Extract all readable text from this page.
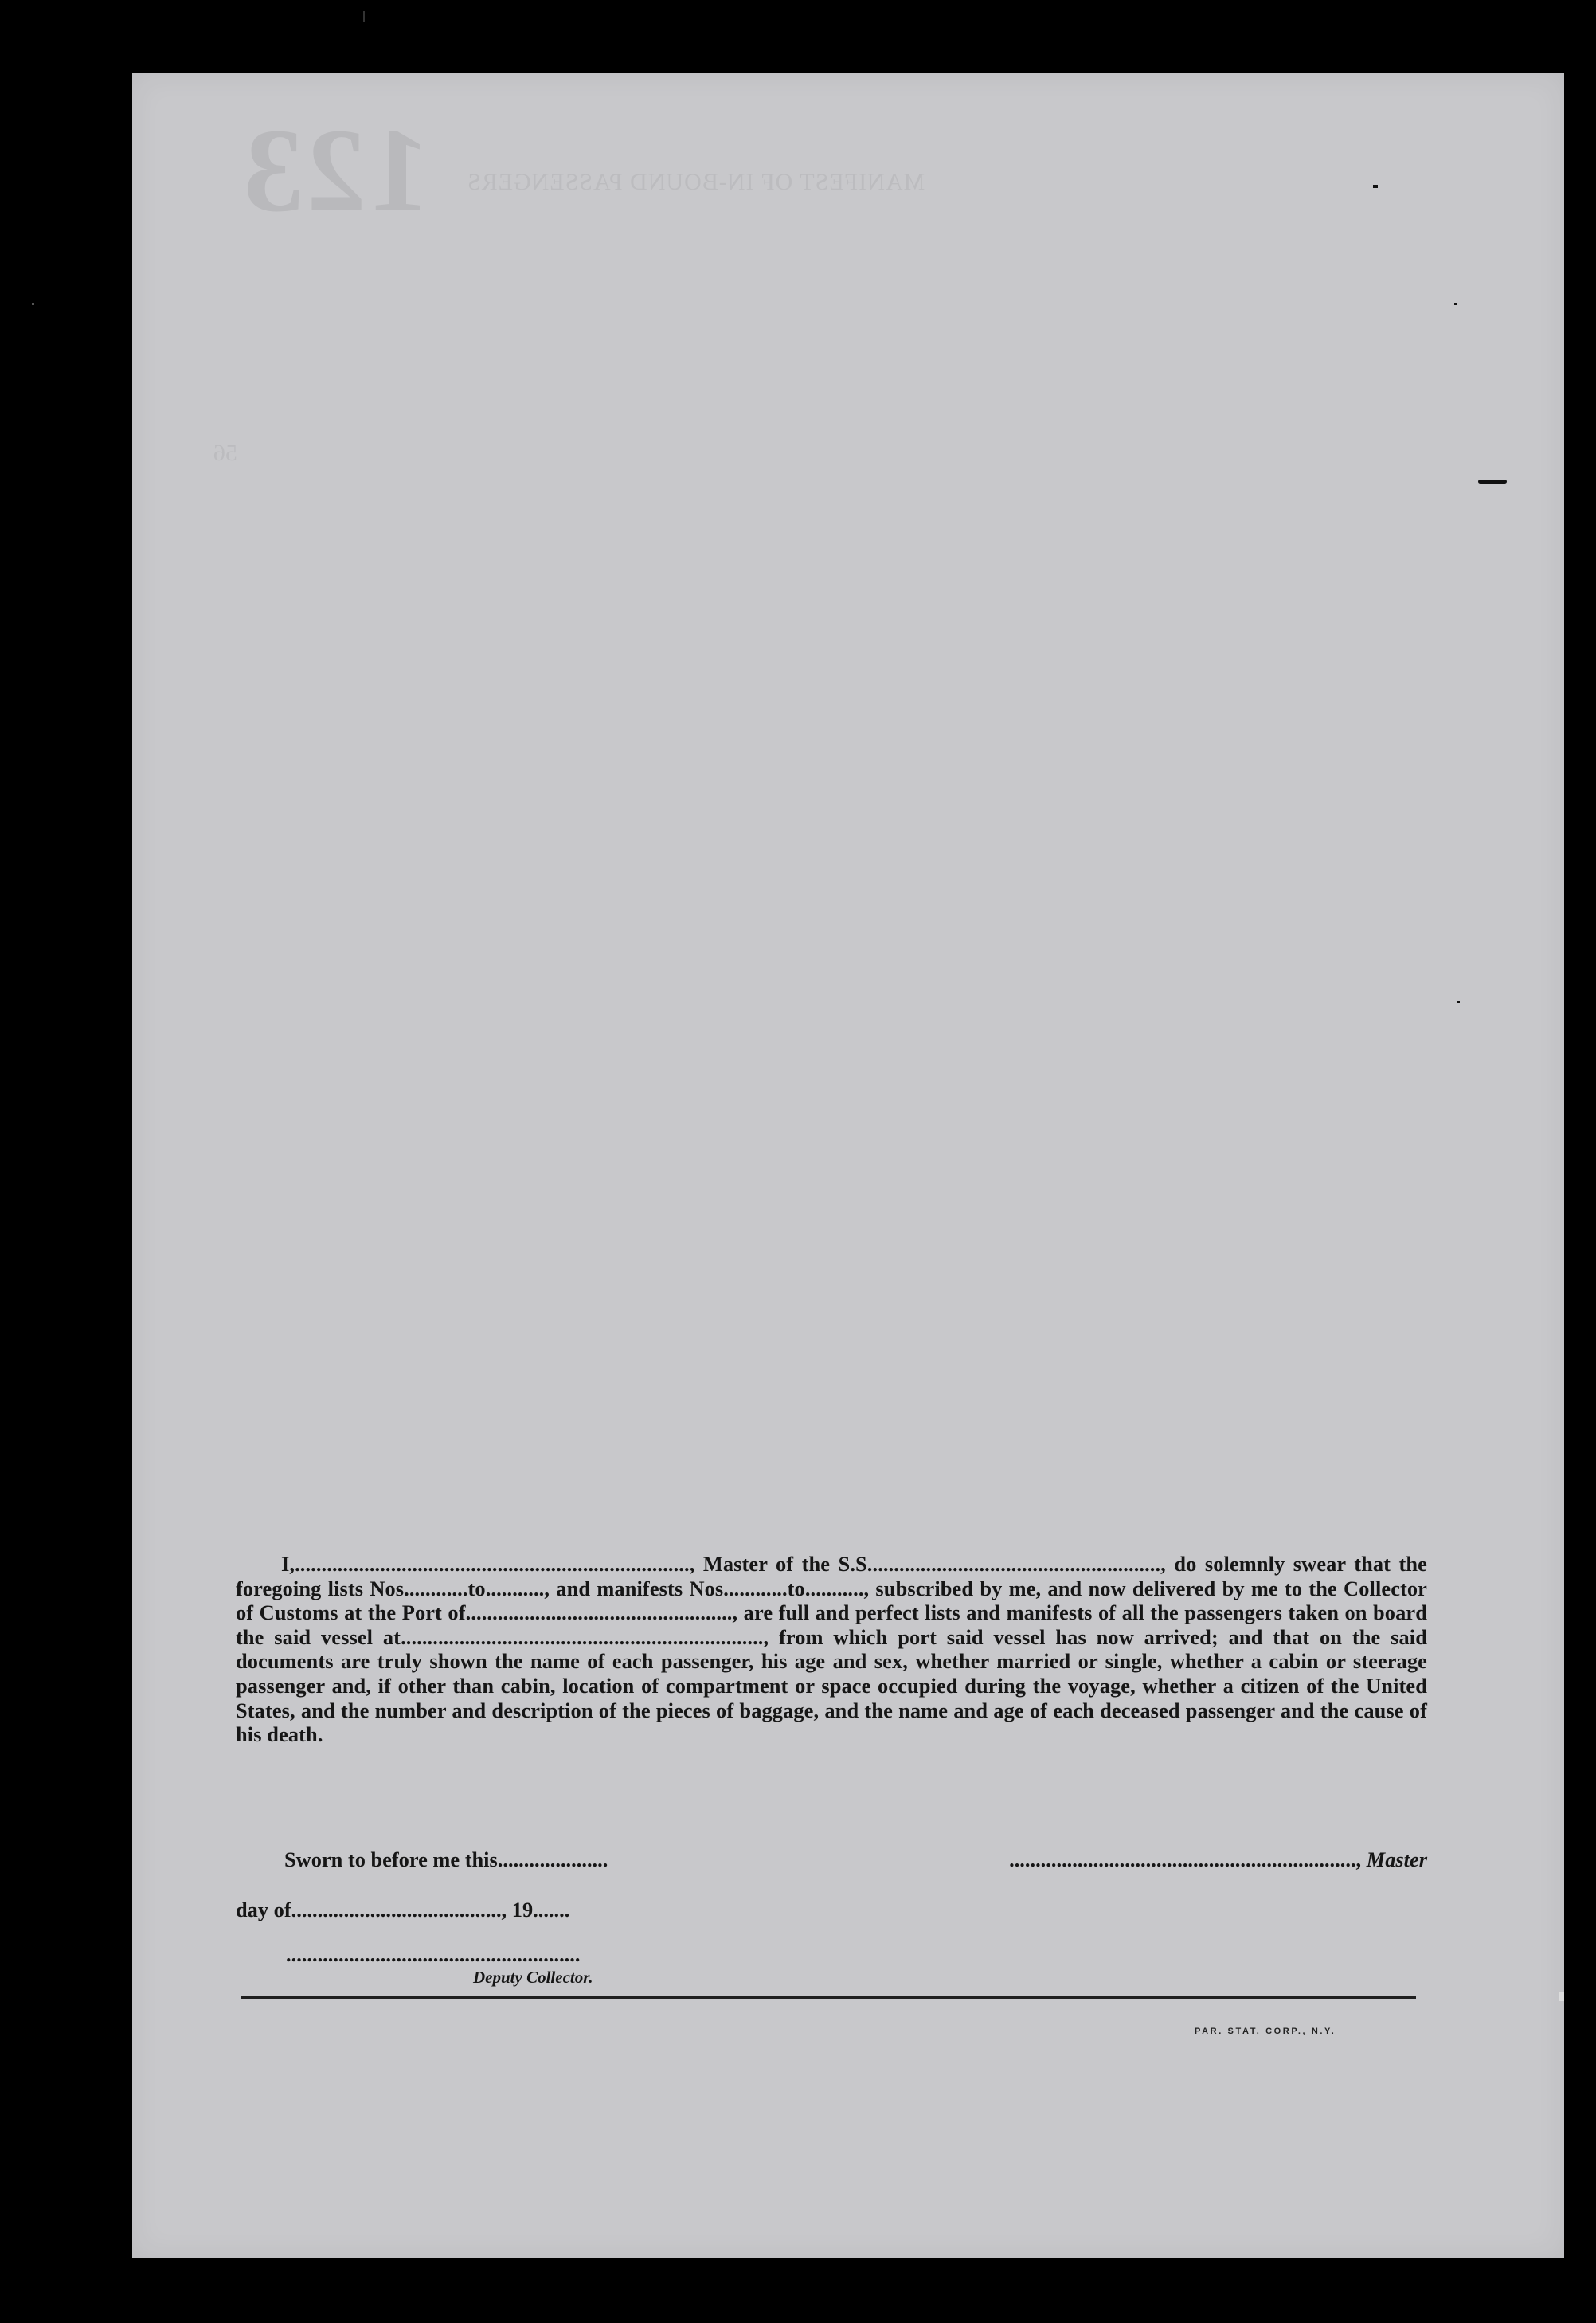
123 MANIFEST OF IN-BOUND PASSENGERS
56

I,.........................................................................., Master of the S.S......................................................., do solemnly swear that the foregoing lists Nos............to..........., and manifests Nos............to..........., subscribed by me, and now delivered by me to the Collector of Customs at the Port of.................................................., are full and perfect lists and manifests of all the passengers taken on board the said vessel at...................................................................., from which port said vessel has now arrived; and that on the said documents are truly shown the name of each passenger, his age and sex, whether married or single, whether a cabin or steerage passenger and, if other than cabin, location of compartment or space occupied during the voyage, whether a citizen of the United States, and the number and description of the pieces of baggage, and the name and age of each deceased passenger and the cause of his death.

Sworn to before me this.....................	.................................................................., Master
day of........................................, 19.......
........................................................
Deputy Collector.
PAR. STAT. CORP., N.Y.
